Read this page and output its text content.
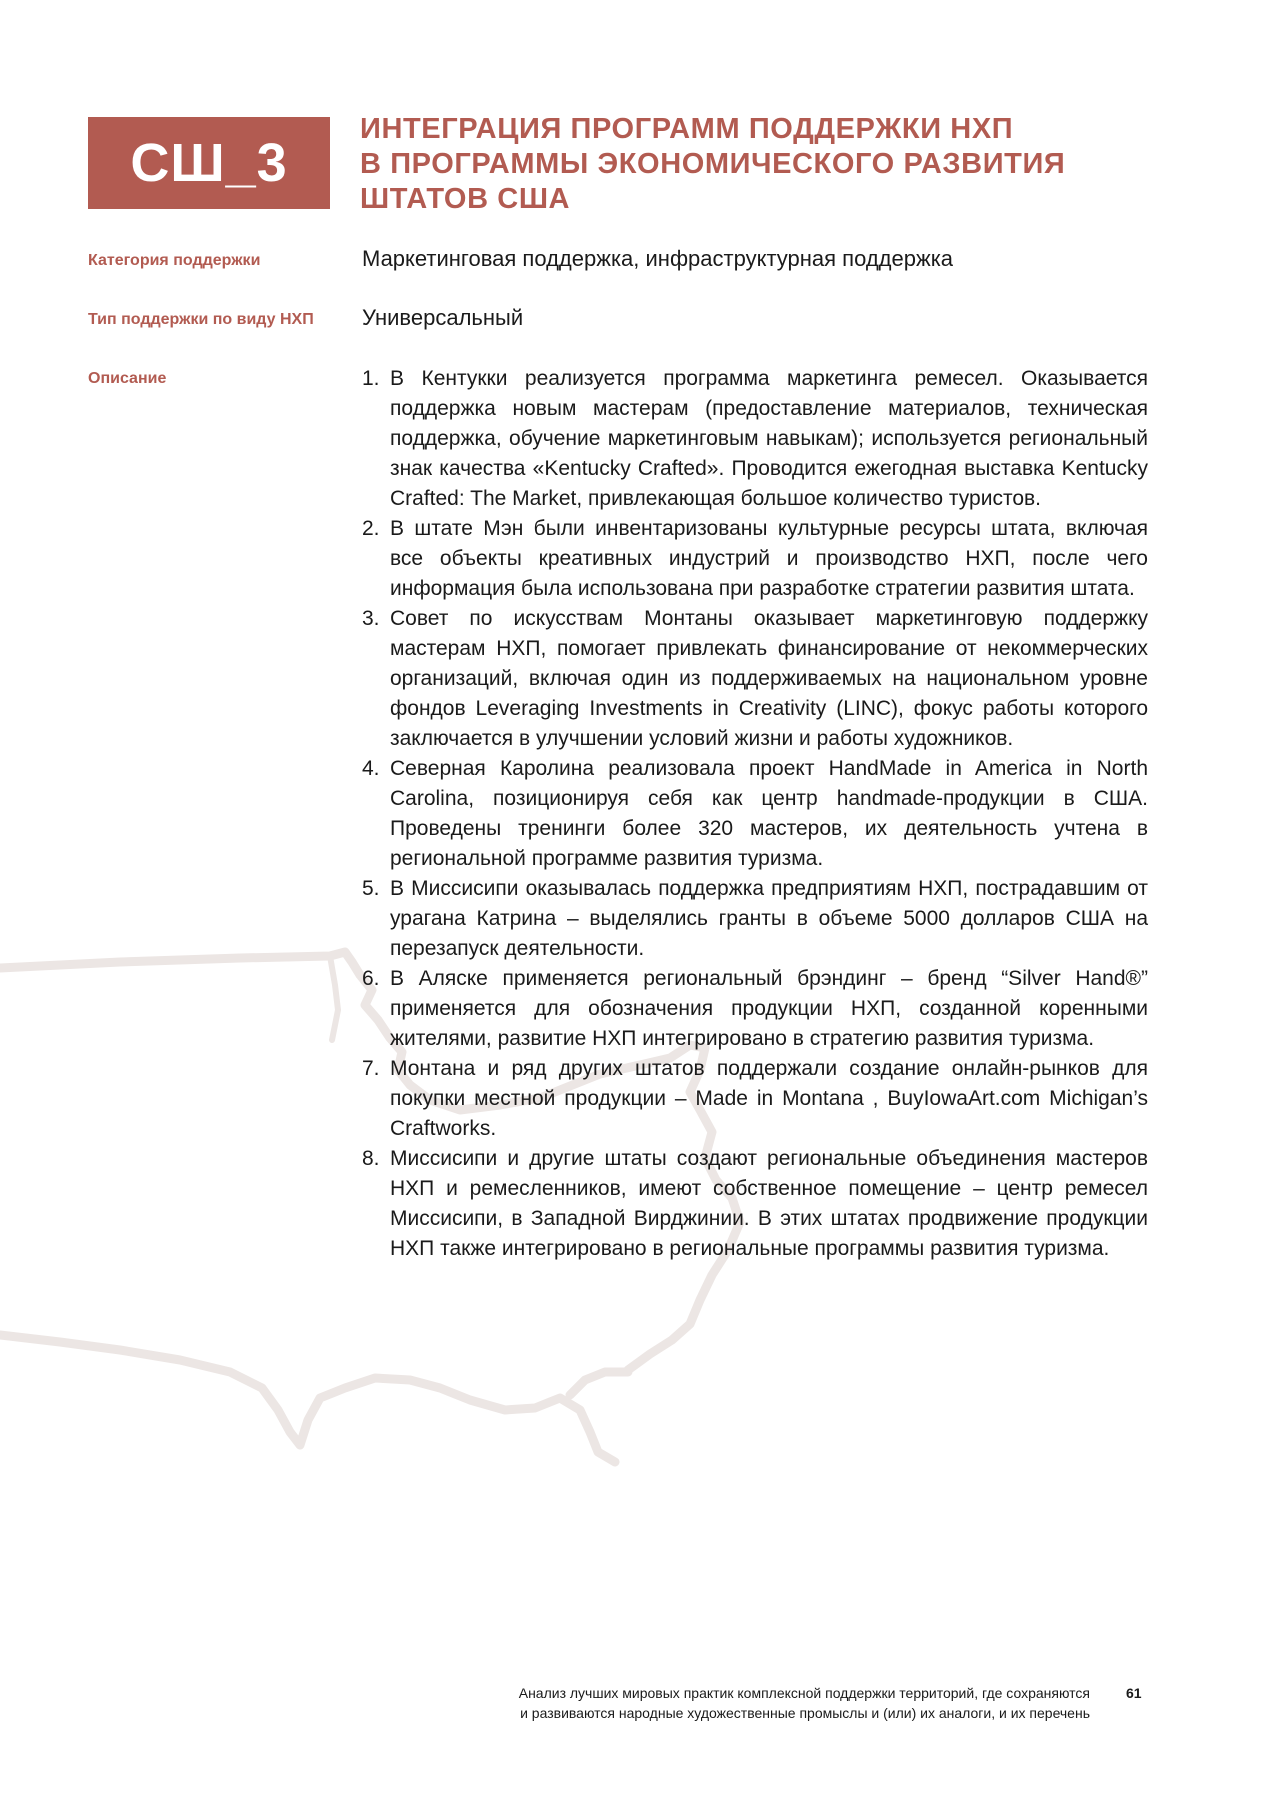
СШ_3
ИНТЕГРАЦИЯ ПРОГРАММ ПОДДЕРЖКИ НХП
В ПРОГРАММЫ ЭКОНОМИЧЕСКОГО РАЗВИТИЯ
ШТАТОВ США
Категория поддержки	Маркетинговая поддержка, инфраструктурная поддержка
Тип поддержки по виду НХП	Универсальный
Описание	1. В Кентукки реализуется программа маркетинга ремесел. Оказывается поддержка новым мастерам (предоставление материалов, техническая поддержка, обучение маркетинговым навыкам); используется региональный знак качества «Kentucky Crafted». Проводится ежегодная выставка Kentucky Crafted: The Market, привлекающая большое количество туристов.
2. В штате Мэн были инвентаризованы культурные ресурсы штата, включая все объекты креативных индустрий и производство НХП, после чего информация была использована при разработке стратегии развития штата.
3. Совет по искусствам Монтаны оказывает маркетинговую поддержку мастерам НХП, помогает привлекать финансирование от некоммерческих организаций, включая один из поддерживаемых на национальном уровне фондов Leveraging Investments in Creativity (LINC), фокус работы которого заключается в улучшении условий жизни и работы художников.
4. Северная Каролина реализовала проект HandMade in America in North Carolina, позиционируя себя как центр handmade-продукции в США. Проведены тренинги более 320 мастеров, их деятельность учтена в региональной программе развития туризма.
5. В Миссисипи оказывалась поддержка предприятиям НХП, пострадавшим от урагана Катрина – выделялись гранты в объеме 5000 долларов США на перезапуск деятельности.
6. В Аляске применяется региональный брэндинг – бренд “Silver Hand®” применяется для обозначения продукции НХП, созданной коренными жителями, развитие НХП интегрировано в стратегию развития туризма.
7. Монтана и ряд других штатов поддержали создание онлайн-рынков для покупки местной продукции – Made in Montana , BuyIowaArt.com Michigan’s Craftworks.
8. Миссисипи и другие штаты создают региональные объединения мастеров НХП и ремесленников, имеют собственное помещение – центр ремесел Миссисипи, в Западной Вирджинии. В этих штатах продвижение продукции НХП также интегрировано в региональные программы развития туризма.
Анализ лучших мировых практик комплексной поддержки территорий, где сохраняются
и развиваются народные художественные промыслы и (или) их аналоги, и их перечень
61
